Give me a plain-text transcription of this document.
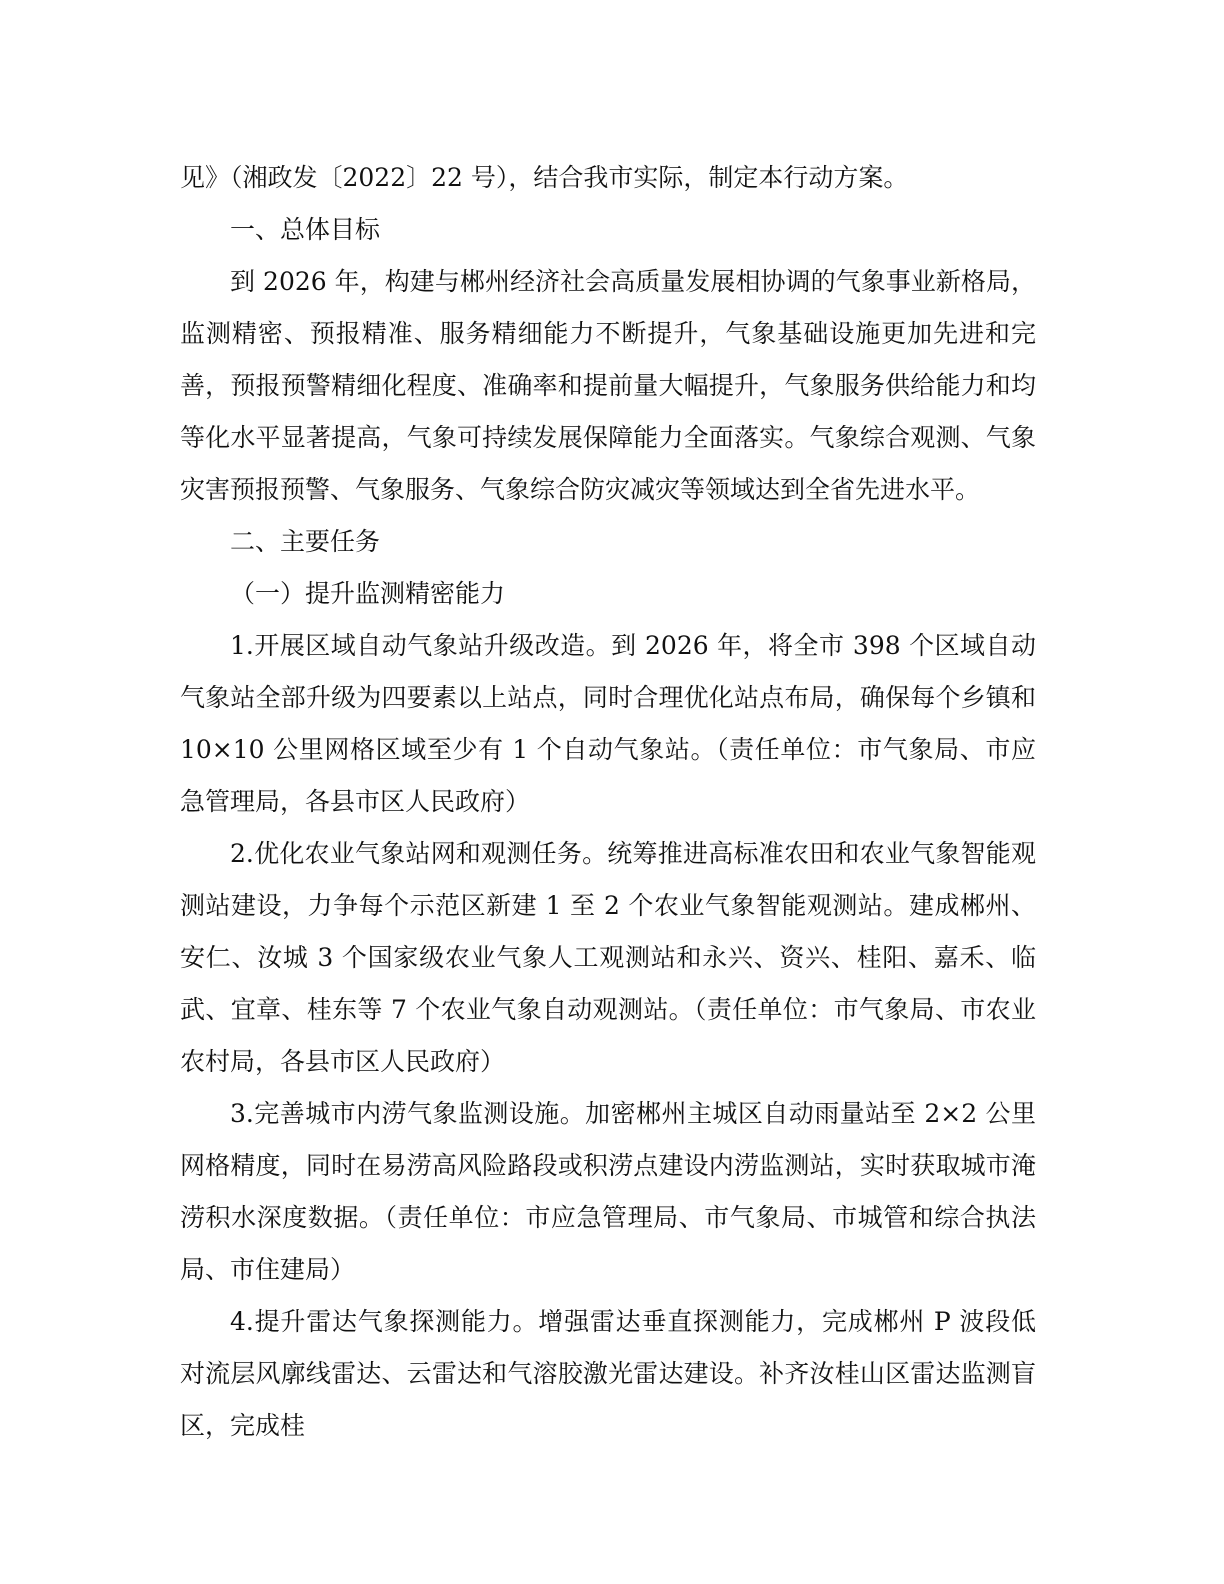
见》（湘政发〔2022〕22 号），结合我市实际，制定本行动方案。

一、总体目标

到 2026 年，构建与郴州经济社会高质量发展相协调的气象事业新格局，监测精密、预报精准、服务精细能力不断提升，气象基础设施更加先进和完善，预报预警精细化程度、准确率和提前量大幅提升，气象服务供给能力和均等化水平显著提高，气象可持续发展保障能力全面落实。气象综合观测、气象灾害预报预警、气象服务、气象综合防灾减灾等领域达到全省先进水平。

二、主要任务

（一）提升监测精密能力

1.开展区域自动气象站升级改造。到 2026 年，将全市 398 个区域自动气象站全部升级为四要素以上站点，同时合理优化站点布局，确保每个乡镇和 10×10 公里网格区域至少有 1 个自动气象站。（责任单位：市气象局、市应急管理局，各县市区人民政府）

2.优化农业气象站网和观测任务。统筹推进高标准农田和农业气象智能观测站建设，力争每个示范区新建 1 至 2 个农业气象智能观测站。建成郴州、安仁、汝城 3 个国家级农业气象人工观测站和永兴、资兴、桂阳、嘉禾、临武、宜章、桂东等 7 个农业气象自动观测站。（责任单位：市气象局、市农业农村局，各县市区人民政府）

3.完善城市内涝气象监测设施。加密郴州主城区自动雨量站至 2×2 公里网格精度，同时在易涝高风险路段或积涝点建设内涝监测站，实时获取城市淹涝积水深度数据。（责任单位：市应急管理局、市气象局、市城管和综合执法局、市住建局）

4.提升雷达气象探测能力。增强雷达垂直探测能力，完成郴州 P 波段低对流层风廓线雷达、云雷达和气溶胶激光雷达建设。补齐汝桂山区雷达监测盲区，完成桂
